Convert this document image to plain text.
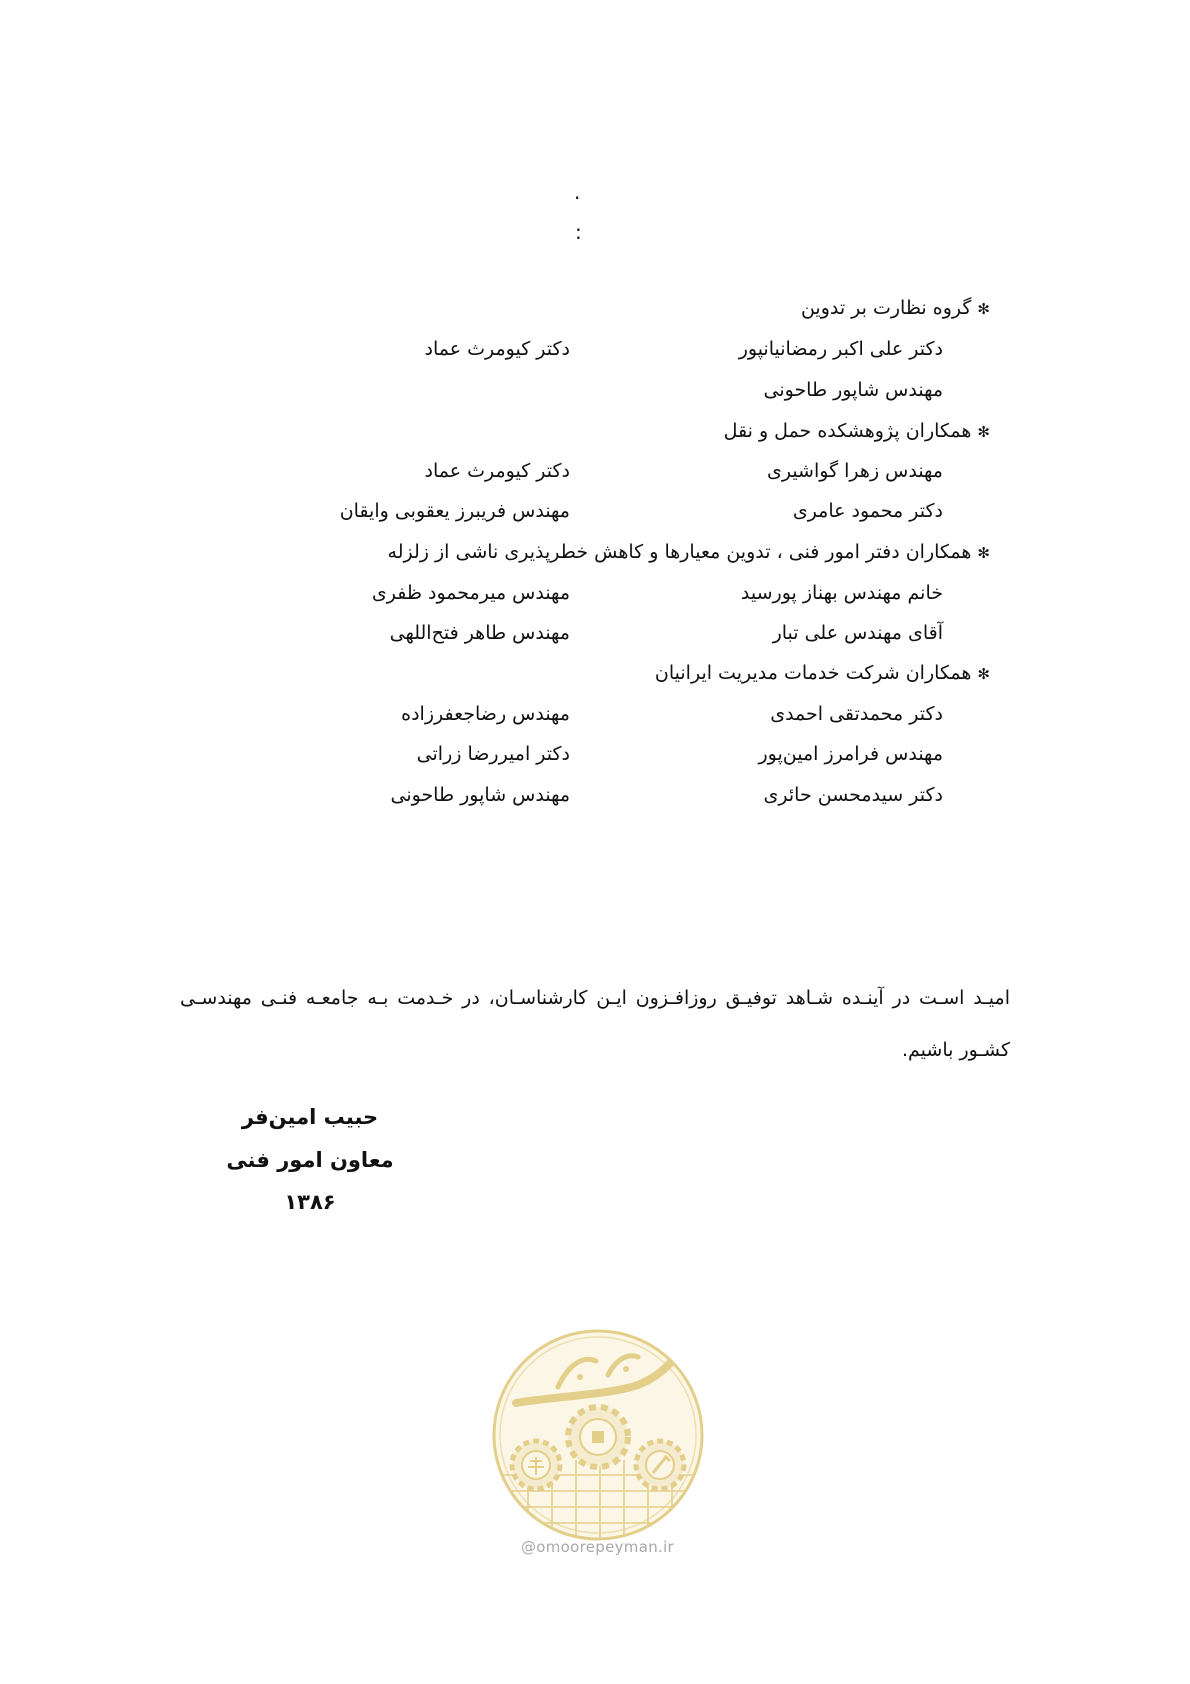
.
:
✻گروه نظارت بر تدوین
دکتر علی اکبر رمضانیانپور
دکتر کیومرث عماد
مهندس شاپور طاحونی
✻همکاران پژوهشکده حمل و نقل
مهندس زهرا گواشیری
دکتر کیومرث عماد
دکتر محمود عامری
مهندس فریبرز یعقوبی وایقان
✻همکاران دفتر امور فنی ، تدوین معیارها و کاهش خطرپذیری ناشی از زلزله
خانم مهندس بهناز پورسید
مهندس میرمحمود ظفری
آقای مهندس علی تبار
مهندس طاهر فتح‌اللهی
✻همکاران شرکت خدمات مدیریت ایرانیان
دکتر محمدتقی احمدی
مهندس رضاجعفرزاده
مهندس فرامرز امین‌پور
دکتر امیررضا زراتی
دکتر سیدمحسن حائری
مهندس شاپور طاحونی
امیـد اسـت در آینـده شـاهد توفیـق روزافـزون ایـن کارشناسـان، در خـدمت بـه جامعـه فنـی مهندسـی کشـور باشیم.
حبیب امین‌فر
معاون امور فنی
۱۳۸۶
@omoorepeyman.ir
